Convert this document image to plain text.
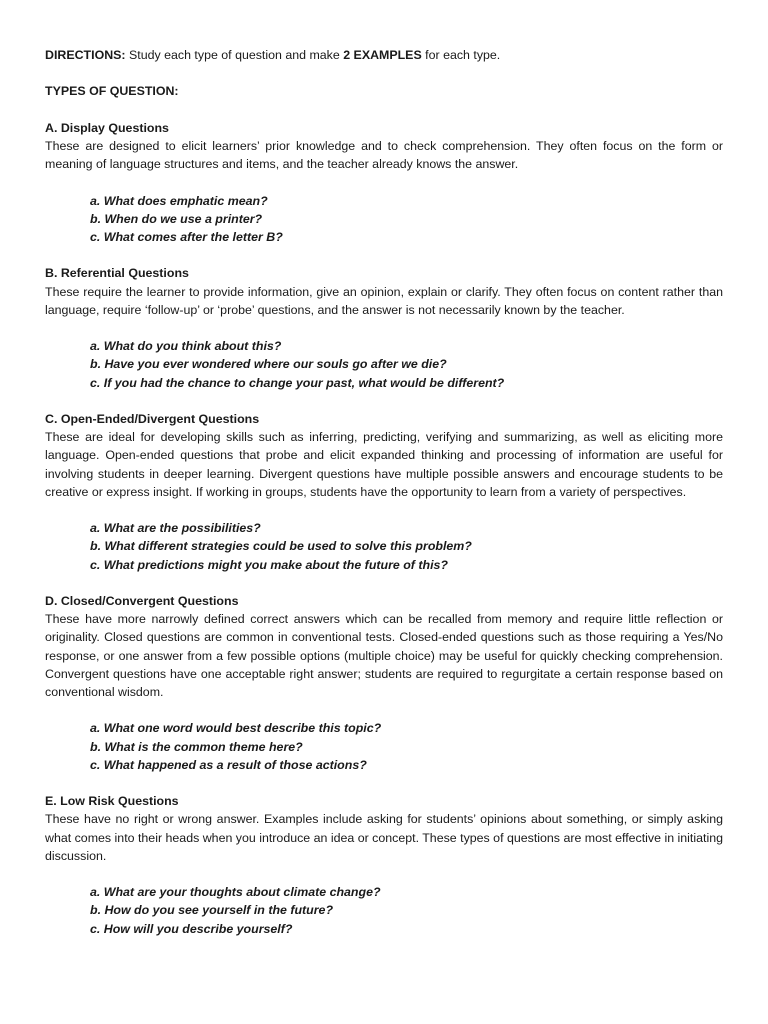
DIRECTIONS: Study each type of question and make 2 EXAMPLES for each type.

TYPES OF QUESTION:

A. Display Questions

These are designed to elicit learners’ prior knowledge and to check comprehension. They often focus on the form or meaning of language structures and items, and the teacher already knows the answer.

a. What does emphatic mean?
b. When do we use a printer?
c. What comes after the letter B?

B. Referential Questions

These require the learner to provide information, give an opinion, explain or clarify. They often focus on content rather than language, require ‘follow-up’ or ‘probe’ questions, and the answer is not necessarily known by the teacher.

a. What do you think about this?
b. Have you ever wondered where our souls go after we die?
c. If you had the chance to change your past, what would be different?

C. Open-Ended/Divergent Questions

These are ideal for developing skills such as inferring, predicting, verifying and summarizing, as well as eliciting more language. Open-ended questions that probe and elicit expanded thinking and processing of information are useful for involving students in deeper learning. Divergent questions have multiple possible answers and encourage students to be creative or express insight. If working in groups, students have the opportunity to learn from a variety of perspectives.

a. What are the possibilities?
b. What different strategies could be used to solve this problem?
c. What predictions might you make about the future of this?

D. Closed/Convergent Questions

These have more narrowly defined correct answers which can be recalled from memory and require little reflection or originality. Closed questions are common in conventional tests. Closed-ended questions such as those requiring a Yes/No response, or one answer from a few possible options (multiple choice) may be useful for quickly checking comprehension. Convergent questions have one acceptable right answer; students are required to regurgitate a certain response based on conventional wisdom.

a. What one word would best describe this topic?
b. What is the common theme here?
c. What happened as a result of those actions?

E. Low Risk Questions

These have no right or wrong answer. Examples include asking for students’ opinions about something, or simply asking what comes into their heads when you introduce an idea or concept. These types of questions are most effective in initiating discussion.

a. What are your thoughts about climate change?
b. How do you see yourself in the future?
c. How will you describe yourself?
